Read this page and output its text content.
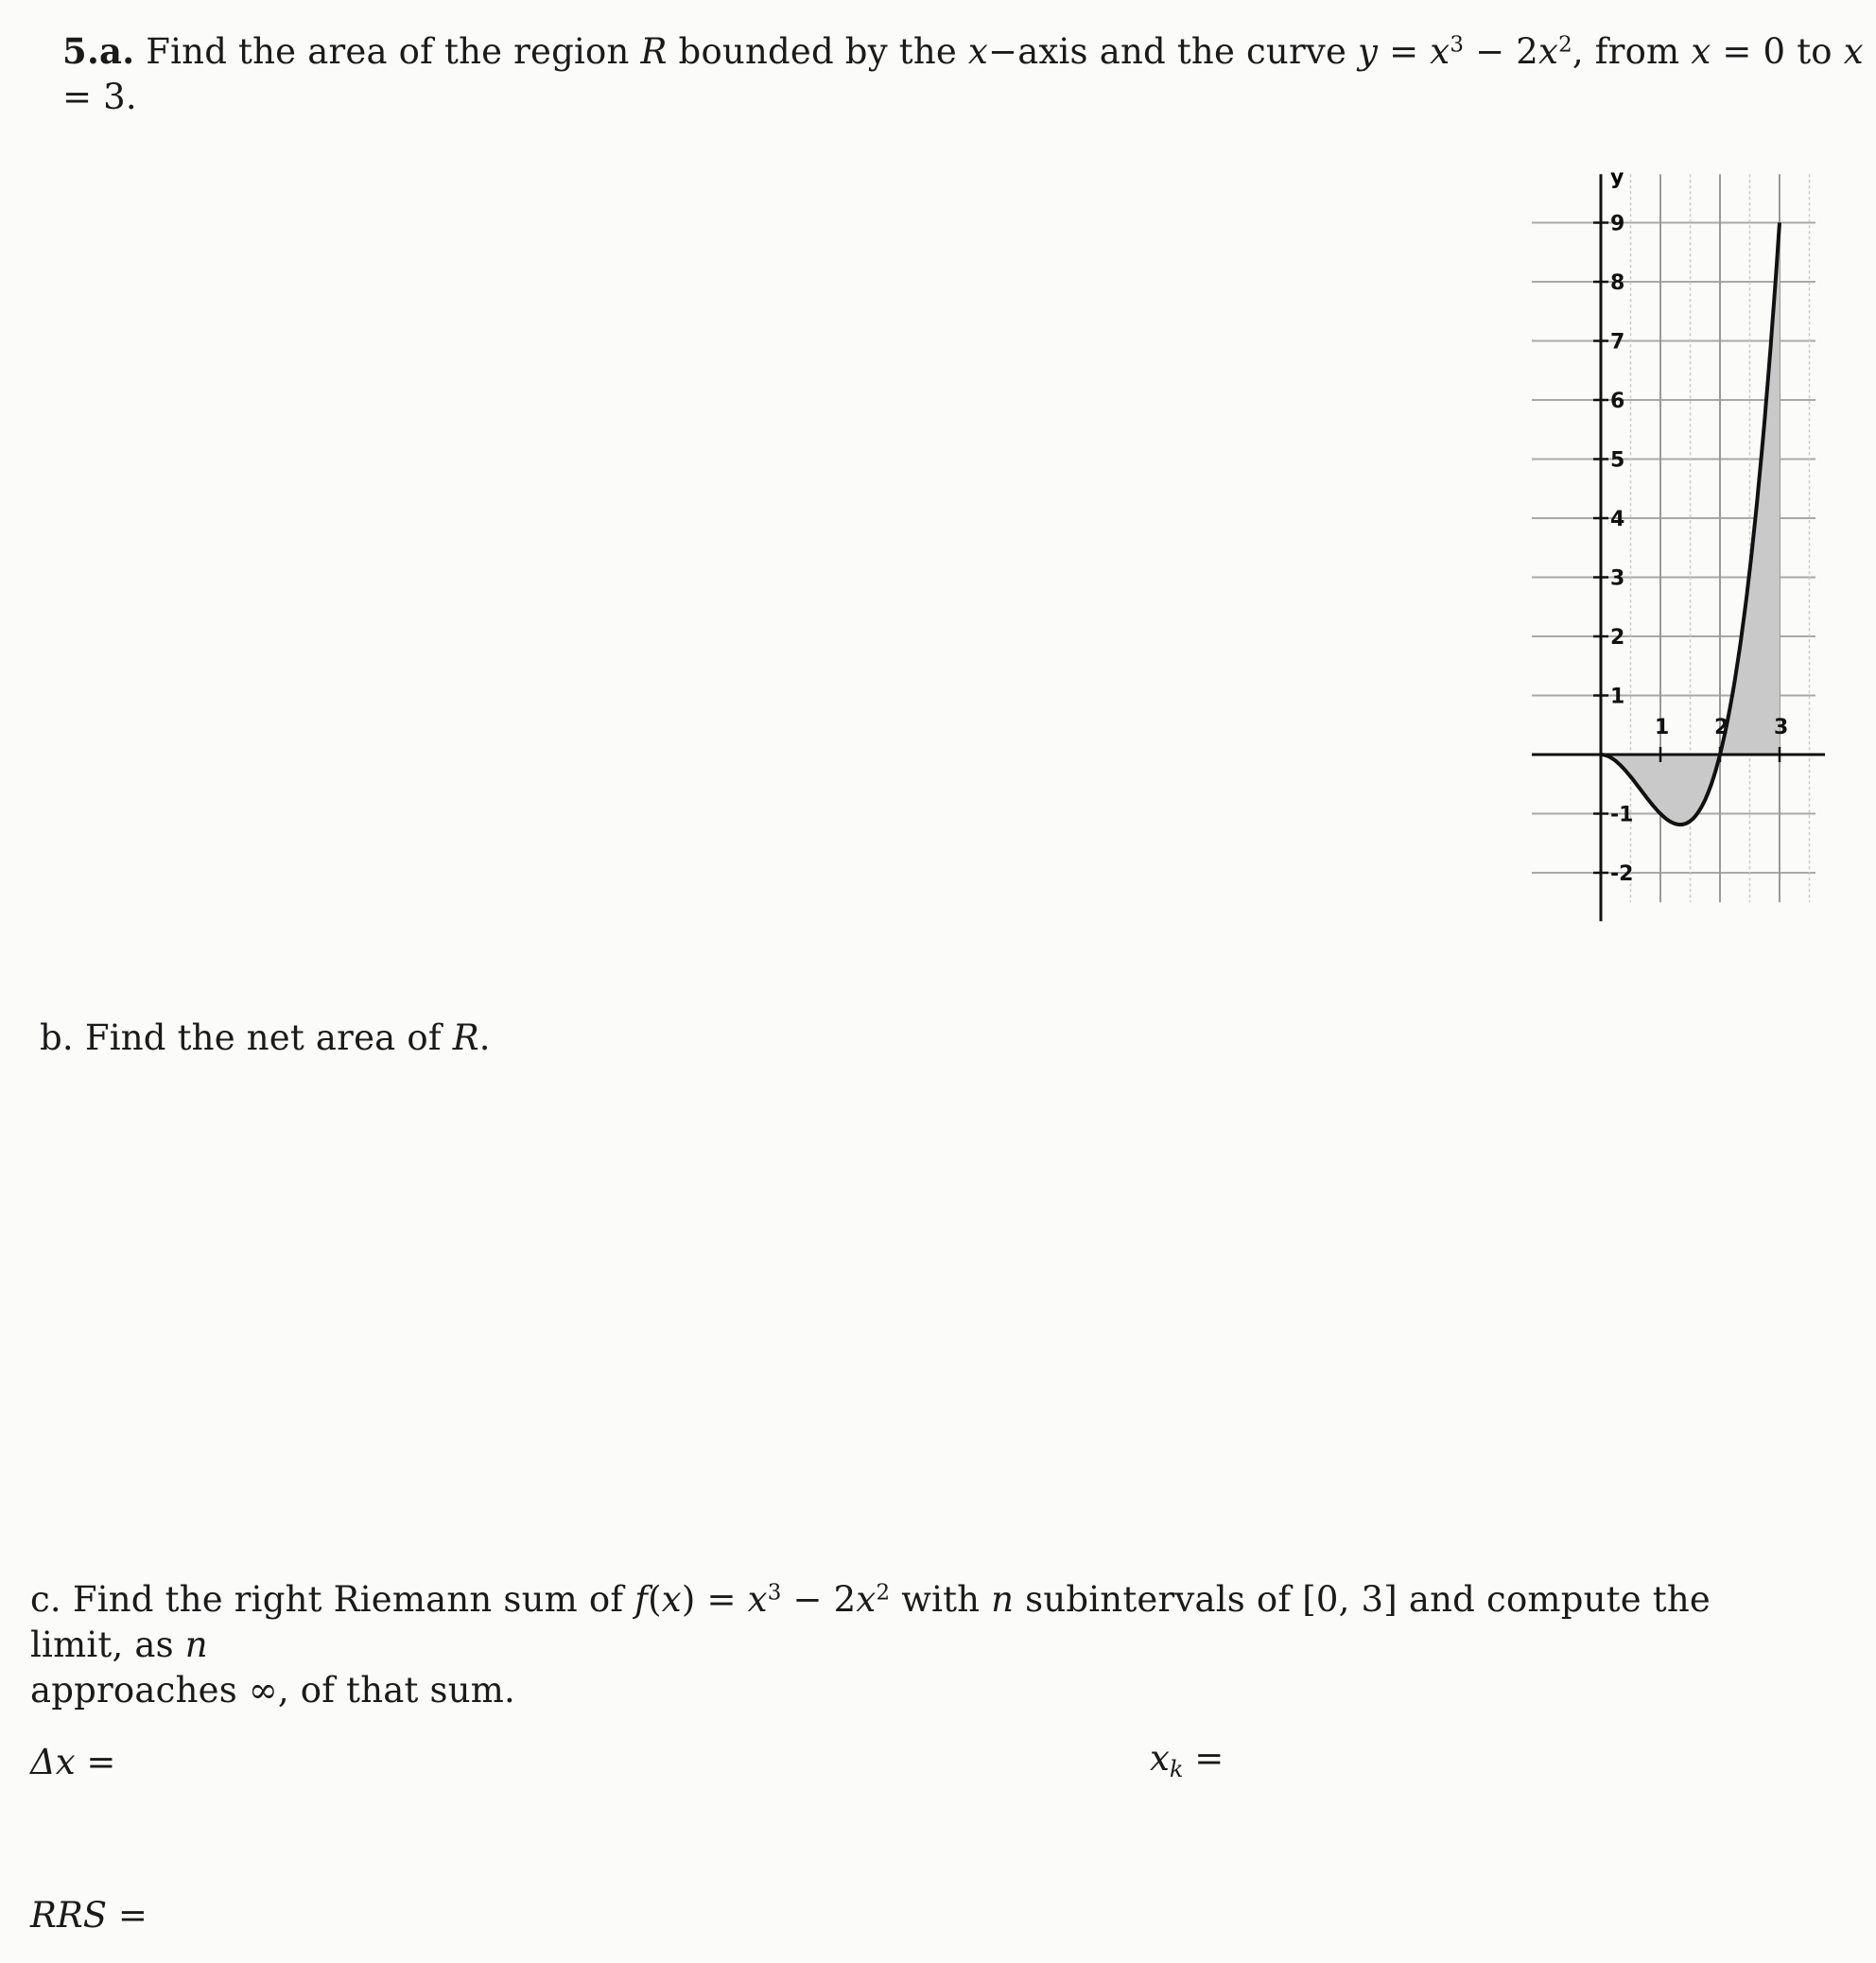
5.a. Find the area of the region R bounded by the x−axis and the curve $y = x^3 - 2x^2$, from x = 0 to x = 3.
9
8
7
6
5
4
3
2
1
-1
-2
1 2 3
y
b. Find the net area of R.
c. Find the right Riemann sum of $f(x) = x^3 - 2x^2$ with n subintervals of [0, 3] and compute the limit, as n
approaches ∞, of that sum.
Δx =	$x_k$ =
RRS =
